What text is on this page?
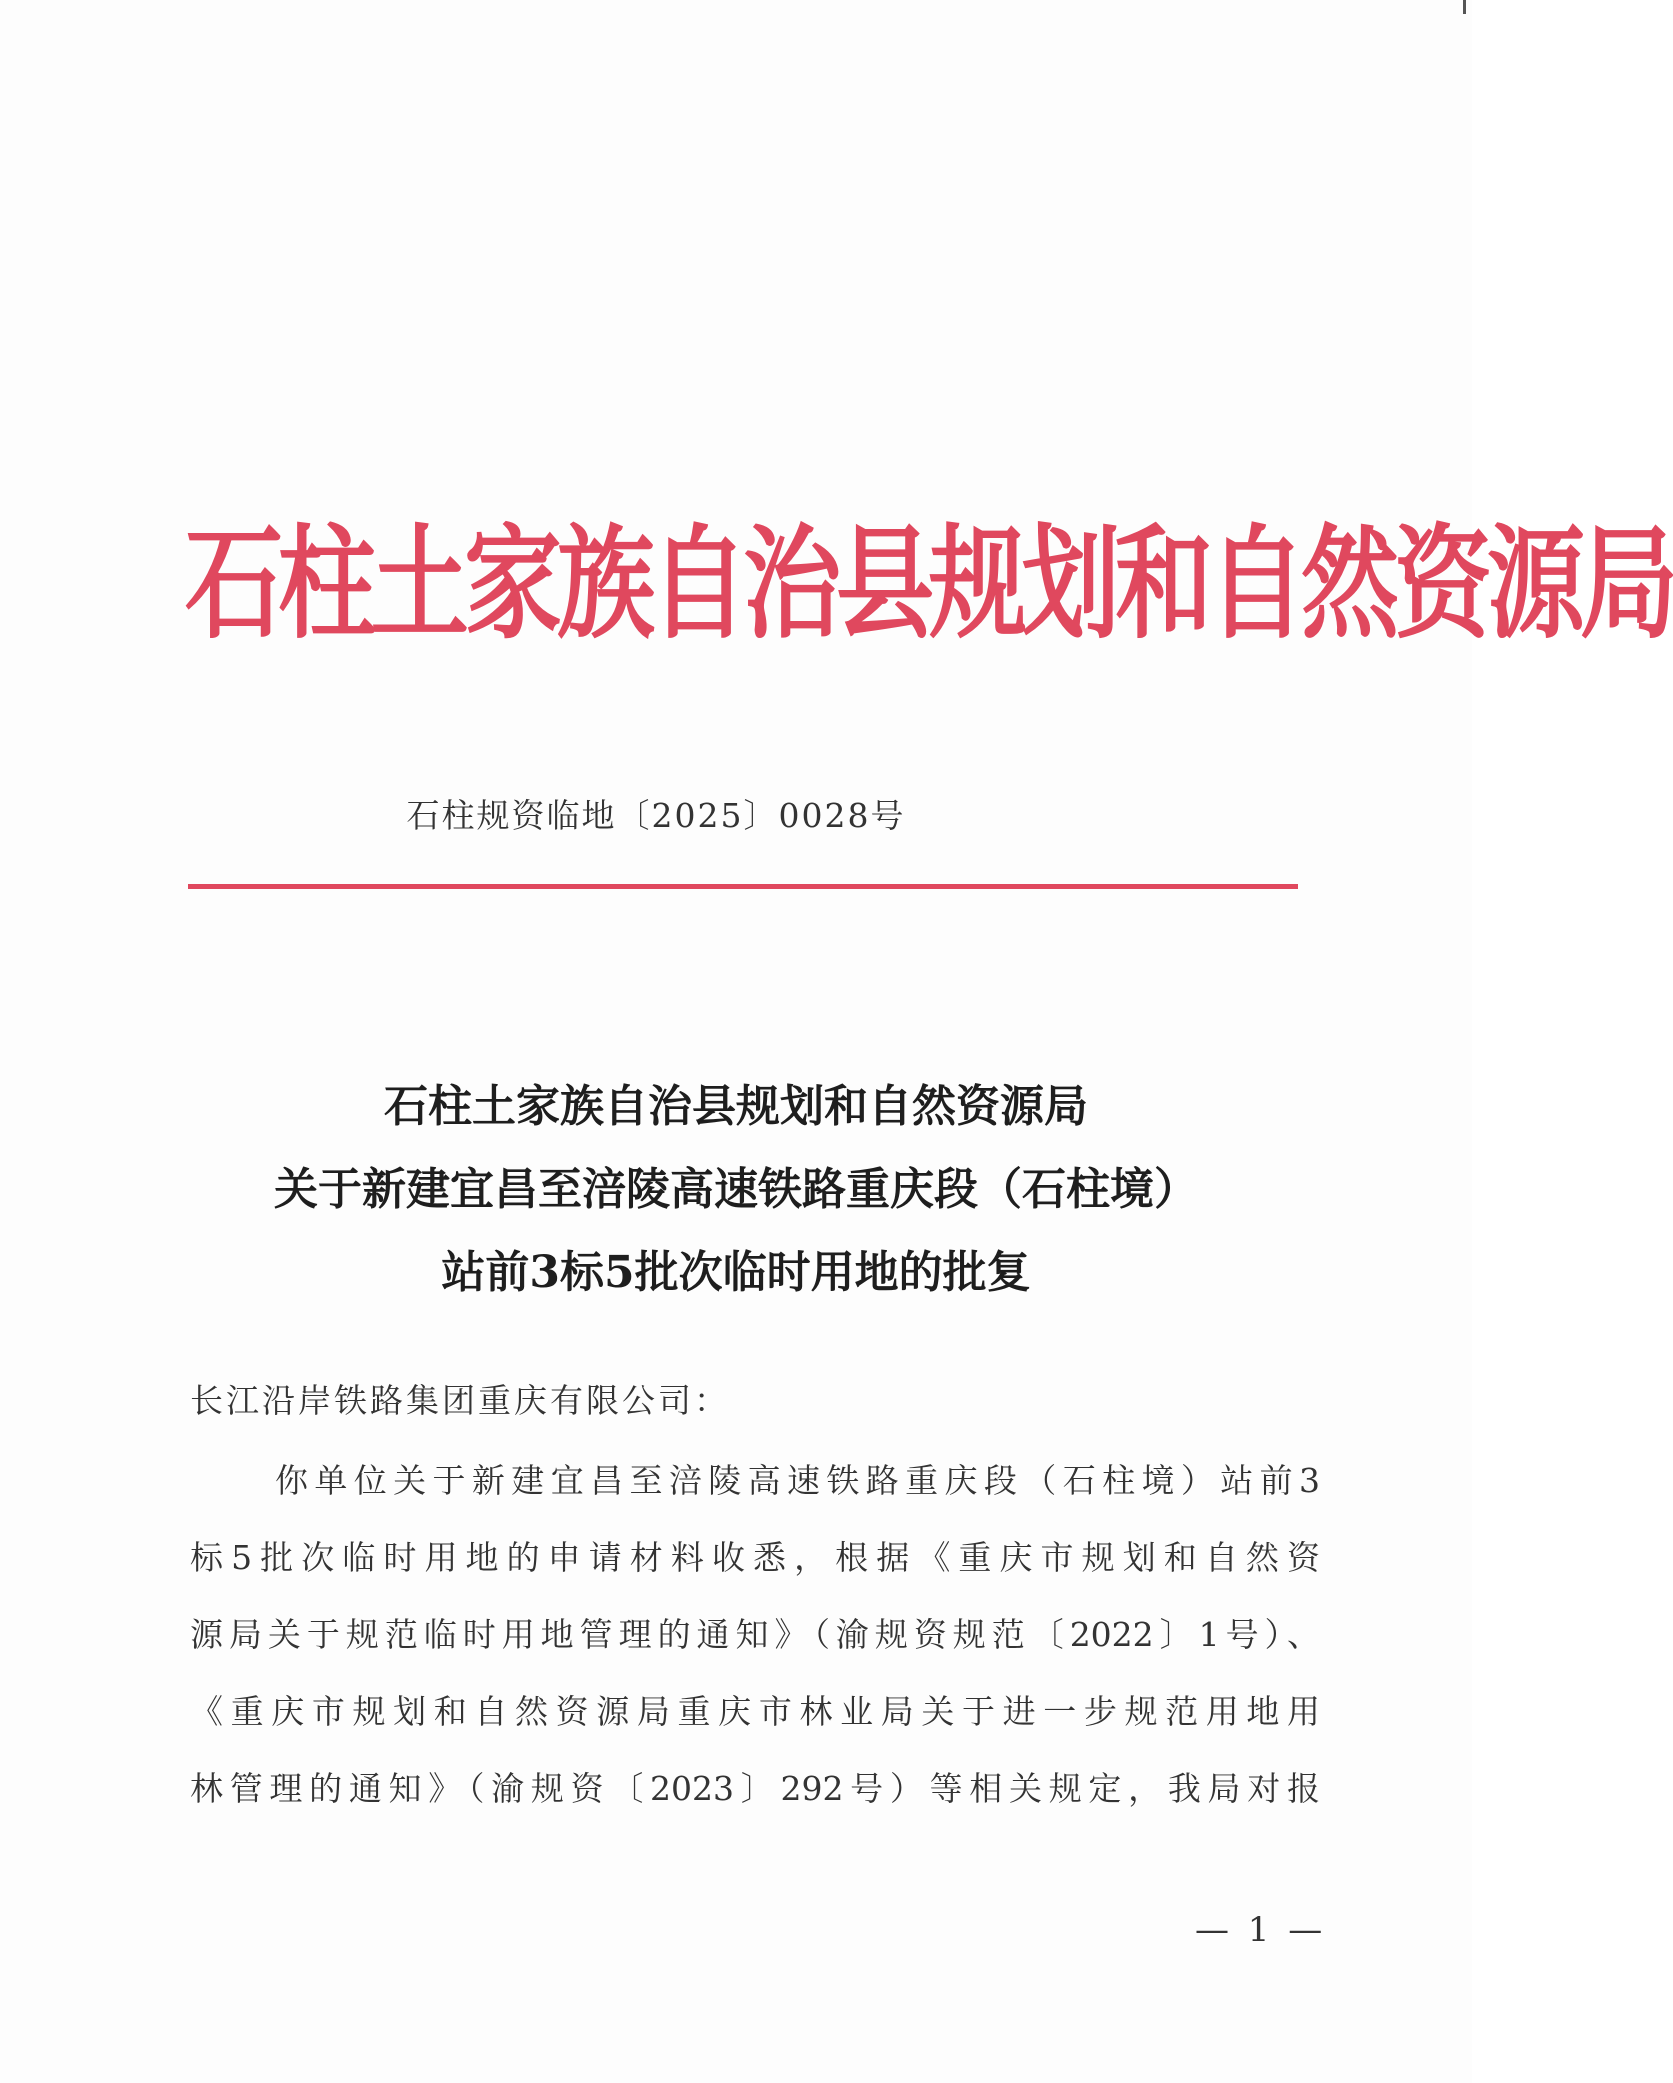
石柱土家族自治县规划和自然资源局
石柱规资临地〔2025〕0028号
石柱土家族自治县规划和自然资源局
关于新建宜昌至涪陵高速铁路重庆段（石柱境）
站前3标5批次临时用地的批复
长江沿岸铁路集团重庆有限公司：
你单位关于新建宜昌至涪陵高速铁路重庆段（石柱境）站前3
标5批次临时用地的申请材料收悉，根据《重庆市规划和自然资
源局关于规范临时用地管理的通知》（渝规资规范〔2022〕1号）、
《重庆市规划和自然资源局重庆市林业局关于进一步规范用地用
林管理的通知》（渝规资〔2023〕292号）等相关规定，我局对报
— 1 —
